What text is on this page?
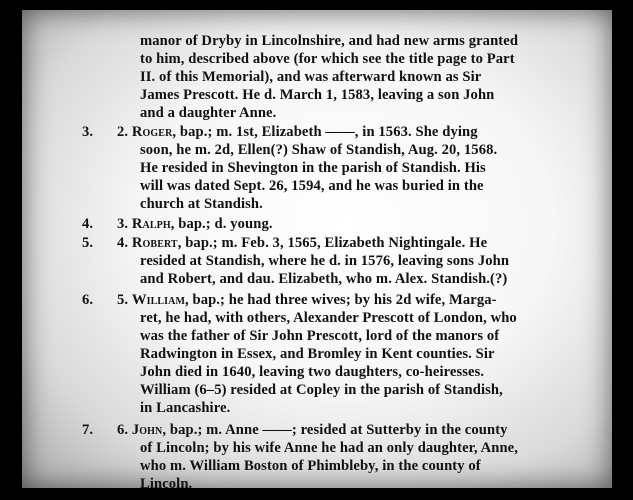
manor of Dryby in Lincolnshire, and had new arms granted
to him, described above (for which see the title page to Part
II. of this Memorial), and was afterward known as Sir
James Prescott. He d. March 1, 1583, leaving a son John
and a daughter Anne.
3. 2. Roger, bap.; m. 1st, Elizabeth ——, in 1563. She dying
soon, he m. 2d, Ellen(?) Shaw of Standish, Aug. 20, 1568.
He resided in Shevington in the parish of Standish. His
will was dated Sept. 26, 1594, and he was buried in the
church at Standish.
4. 3. Ralph, bap.; d. young.
5. 4. Robert, bap.; m. Feb. 3, 1565, Elizabeth Nightingale. He
resided at Standish, where he d. in 1576, leaving sons John
and Robert, and dau. Elizabeth, who m. Alex. Standish.(?)
6. 5. William, bap.; he had three wives; by his 2d wife, Marga-
ret, he had, with others, Alexander Prescott of London, who
was the father of Sir John Prescott, lord of the manors of
Radwington in Essex, and Bromley in Kent counties. Sir
John died in 1640, leaving two daughters, co-heiresses.
William (6–5) resided at Copley in the parish of Standish,
in Lancashire.
7. 6. John, bap.; m. Anne ——; resided at Sutterby in the county
of Lincoln; by his wife Anne he had an only daughter, Anne,
who m. William Boston of Phimbleby, in the county of
Lincoln.
